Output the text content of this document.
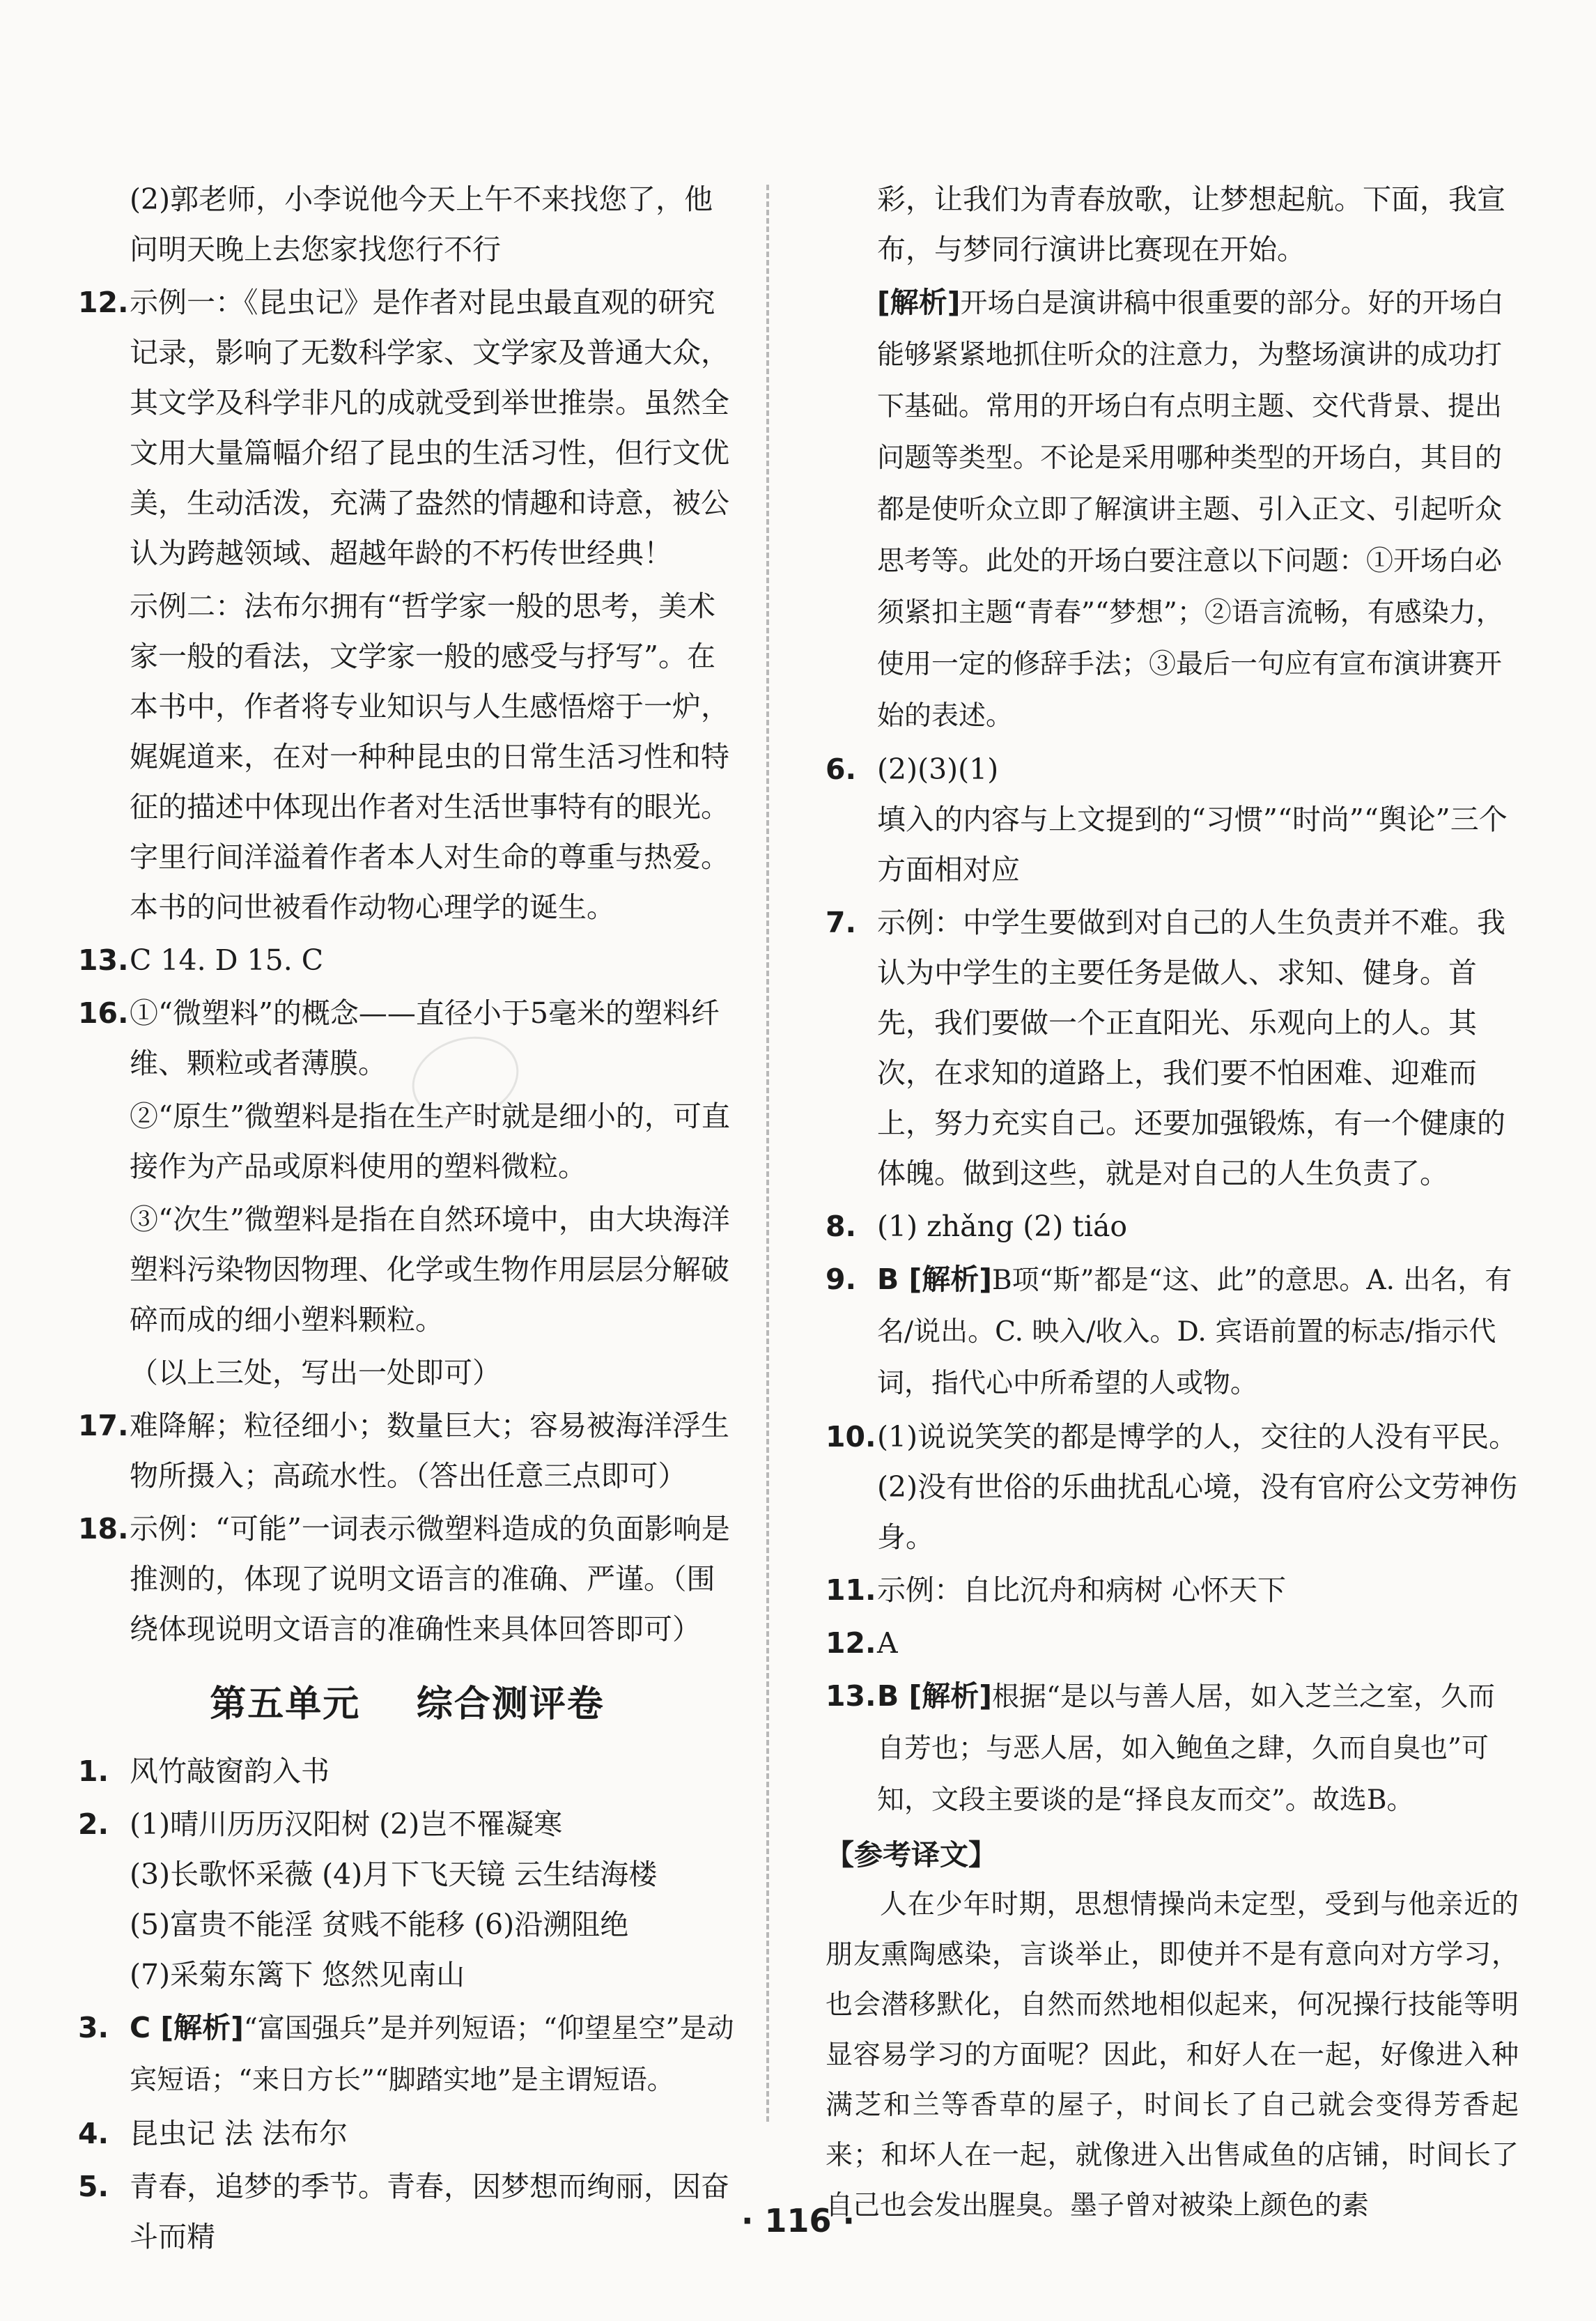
(2)郭老师，小李说他今天上午不来找您了，他问明天晚上去您家找您行不行
12. 示例一：《昆虫记》是作者对昆虫最直观的研究记录，影响了无数科学家、文学家及普通大众，其文学及科学非凡的成就受到举世推崇。虽然全文用大量篇幅介绍了昆虫的生活习性，但行文优美，生动活泼，充满了盎然的情趣和诗意，被公认为跨越领域、超越年龄的不朽传世经典！
示例二：法布尔拥有“哲学家一般的思考，美术家一般的看法，文学家一般的感受与抒写”。在本书中，作者将专业知识与人生感悟熔于一炉，娓娓道来，在对一种种昆虫的日常生活习性和特征的描述中体现出作者对生活世事特有的眼光。字里行间洋溢着作者本人对生命的尊重与热爱。本书的问世被看作动物心理学的诞生。
13. C 14. D 15. C
16. ①“微塑料”的概念——直径小于5毫米的塑料纤维、颗粒或者薄膜。
②“原生”微塑料是指在生产时就是细小的，可直接作为产品或原料使用的塑料微粒。
③“次生”微塑料是指在自然环境中，由大块海洋塑料污染物因物理、化学或生物作用层层分解破碎而成的细小塑料颗粒。
（以上三处，写出一处即可）
17. 难降解；粒径细小；数量巨大；容易被海洋浮生物所摄入；高疏水性。（答出任意三点即可）
18. 示例：“可能”一词表示微塑料造成的负面影响是推测的，体现了说明文语言的准确、严谨。（围绕体现说明文语言的准确性来具体回答即可）
第五单元 综合测评卷
1. 风竹敲窗韵入书
2. (1)晴川历历汉阳树 (2)岂不罹凝寒
(3)长歌怀采薇 (4)月下飞天镜 云生结海楼
(5)富贵不能淫 贫贱不能移 (6)沿溯阻绝
(7)采菊东篱下 悠然见南山
3. C [解析]“富国强兵”是并列短语；“仰望星空”是动宾短语；“来日方长”“脚踏实地”是主谓短语。
4. 昆虫记 法 法布尔
5. 青春，追梦的季节。青春，因梦想而绚丽，因奋斗而精
彩，让我们为青春放歌，让梦想起航。下面，我宣布，与梦同行演讲比赛现在开始。
[解析]开场白是演讲稿中很重要的部分。好的开场白能够紧紧地抓住听众的注意力，为整场演讲的成功打下基础。常用的开场白有点明主题、交代背景、提出问题等类型。不论是采用哪种类型的开场白，其目的都是使听众立即了解演讲主题、引入正文、引起听众思考等。此处的开场白要注意以下问题：①开场白必须紧扣主题“青春”“梦想”；②语言流畅，有感染力，使用一定的修辞手法；③最后一句应有宣布演讲赛开始的表述。
6. (2)(3)(1)
填入的内容与上文提到的“习惯”“时尚”“舆论”三个方面相对应
7. 示例：中学生要做到对自己的人生负责并不难。我认为中学生的主要任务是做人、求知、健身。首先，我们要做一个正直阳光、乐观向上的人。其次，在求知的道路上，我们要不怕困难、迎难而上，努力充实自己。还要加强锻炼，有一个健康的体魄。做到这些，就是对自己的人生负责了。
8. (1) zhǎng (2) tiáo
9. B [解析]B项“斯”都是“这、此”的意思。A. 出名，有名/说出。C. 映入/收入。D. 宾语前置的标志/指示代词，指代心中所希望的人或物。
10. (1)说说笑笑的都是博学的人，交往的人没有平民。
(2)没有世俗的乐曲扰乱心境，没有官府公文劳神伤身。
11. 示例：自比沉舟和病树 心怀天下
12. A
13. B [解析]根据“是以与善人居，如入芝兰之室，久而自芳也；与恶人居，如入鲍鱼之肆，久而自臭也”可知，文段主要谈的是“择良友而交”。故选B。
【参考译文】
人在少年时期，思想情操尚未定型，受到与他亲近的朋友熏陶感染，言谈举止，即使并不是有意向对方学习，也会潜移默化，自然而然地相似起来，何况操行技能等明显容易学习的方面呢？因此，和好人在一起，好像进入种满芝和兰等香草的屋子，时间长了自己就会变得芳香起来；和坏人在一起，就像进入出售咸鱼的店铺，时间长了自己也会发出腥臭。墨子曾对被染上颜色的素
· 116 ·
